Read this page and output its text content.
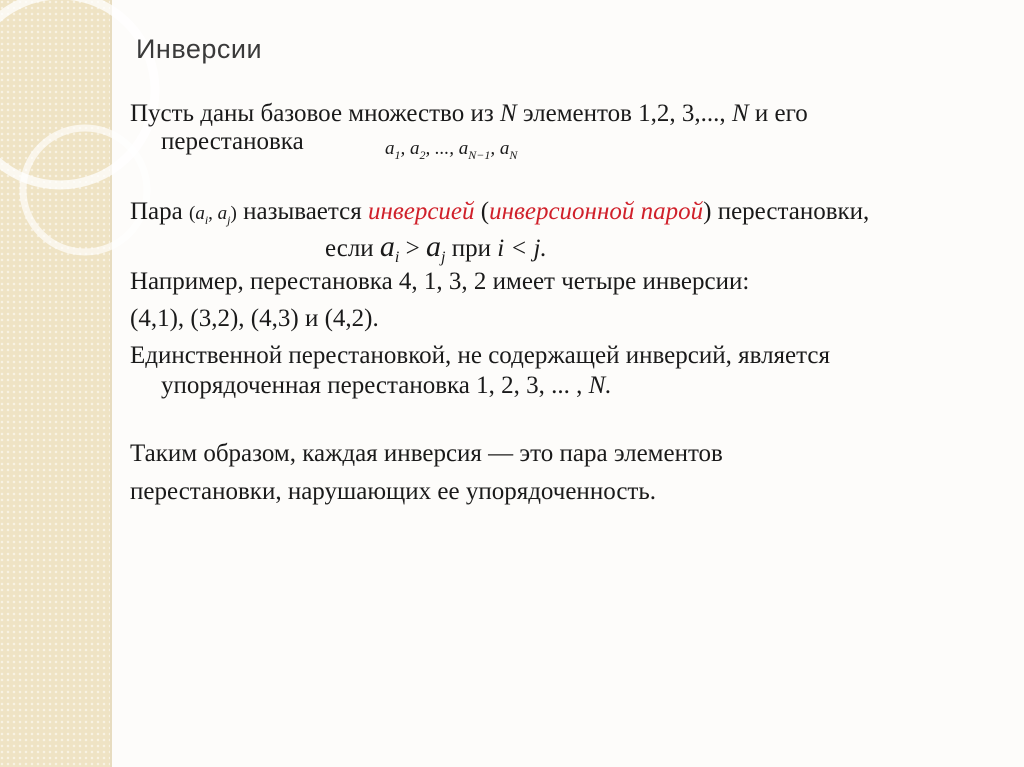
Инверсии
Пусть даны базовое множество из N элементов 1,2, 3,..., N и его
перестановка	$a_1$, $a_2$, ..., $a_{N-1}$, $a_N$
Пара ($a_i$, $a_j$) называется инверсией (инверсионной парой) перестановки,
если $a_i > a_j$ при i < j.
Например, перестановка 4, 1, 3, 2 имеет четыре инверсии:
(4,1), (3,2), (4,3) и (4,2).
Единственной перестановкой, не содержащей инверсий, является
упорядоченная перестановка 1, 2, 3, ... , N.
Таким образом, каждая инверсия — это пара элементов
перестановки, нарушающих ее упорядоченность.
